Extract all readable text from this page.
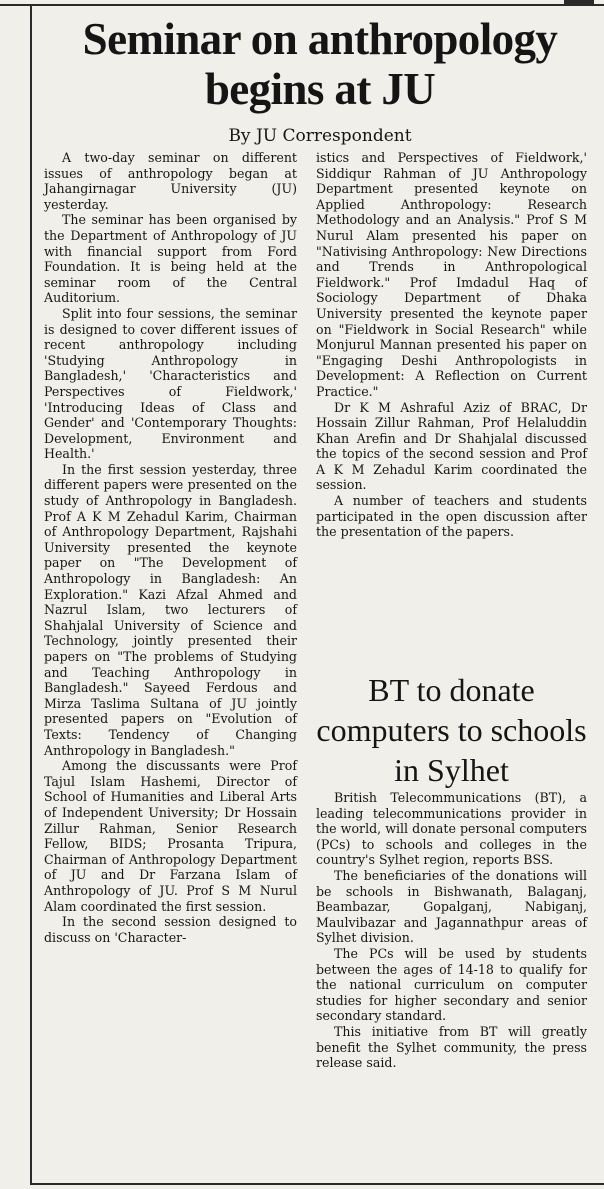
Seminar on anthropology begins at JU
By JU Correspondent

A two-day seminar on different issues of anthropology began at Jahangirnagar University (JU) yesterday.

The seminar has been organised by the Department of Anthropology of JU with financial support from Ford Foundation. It is being held at the seminar room of the Central Auditorium.

Split into four sessions, the seminar is designed to cover different issues of recent anthropology including 'Studying Anthropology in Bangladesh,' 'Characteristics and Perspectives of Fieldwork,' 'Introducing Ideas of Class and Gender' and 'Contemporary Thoughts: Development, Environment and Health.'

In the first session yesterday, three different papers were presented on the study of Anthropology in Bangladesh. Prof A K M Zehadul Karim, Chairman of Anthropology Department, Rajshahi University presented the keynote paper on "The Development of Anthropology in Bangladesh: An Exploration." Kazi Afzal Ahmed and Nazrul Islam, two lecturers of Shahjalal University of Science and Technology, jointly presented their papers on "The problems of Studying and Teaching Anthropology in Bangladesh." Sayeed Ferdous and Mirza Taslima Sultana of JU jointly presented papers on "Evolution of Texts: Tendency of Changing Anthropology in Bangladesh."

Among the discussants were Prof Tajul Islam Hashemi, Director of School of Humanities and Liberal Arts of Independent University; Dr Hossain Zillur Rahman, Senior Research Fellow, BIDS; Prosanta Tripura, Chairman of Anthropology Department of JU and Dr Farzana Islam of Anthropology of JU. Prof S M Nurul Alam coordinated the first session.

In the second session designed to discuss on 'Character-

istics and Perspectives of Fieldwork,' Siddiqur Rahman of JU Anthropology Department presented keynote on Applied Anthropology: Research Methodology and an Analysis." Prof S M Nurul Alam presented his paper on "Nativising Anthropology: New Directions and Trends in Anthropological Fieldwork." Prof Imdadul Haq of Sociology Department of Dhaka University presented the keynote paper on "Fieldwork in Social Research" while Monjurul Mannan presented his paper on "Engaging Deshi Anthropologists in Development: A Reflection on Current Practice."

Dr K M Ashraful Aziz of BRAC, Dr Hossain Zillur Rahman, Prof Helaluddin Khan Arefin and Dr Shahjalal discussed the topics of the second session and Prof A K M Zehadul Karim coordinated the session.

A number of teachers and students participated in the open discussion after the presentation of the papers.

BT to donate computers to schools in Sylhet

British Telecommunications (BT), a leading telecommunications provider in the world, will donate personal computers (PCs) to schools and colleges in the country's Sylhet region, reports BSS.

The beneficiaries of the donations will be schools in Bishwanath, Balaganj, Beambazar, Gopalganj, Nabiganj, Maulvibazar and Jagannathpur areas of Sylhet division.

The PCs will be used by students between the ages of 14-18 to qualify for the national curriculum on computer studies for higher secondary and senior secondary standard.

This initiative from BT will greatly benefit the Sylhet community, the press release said.
